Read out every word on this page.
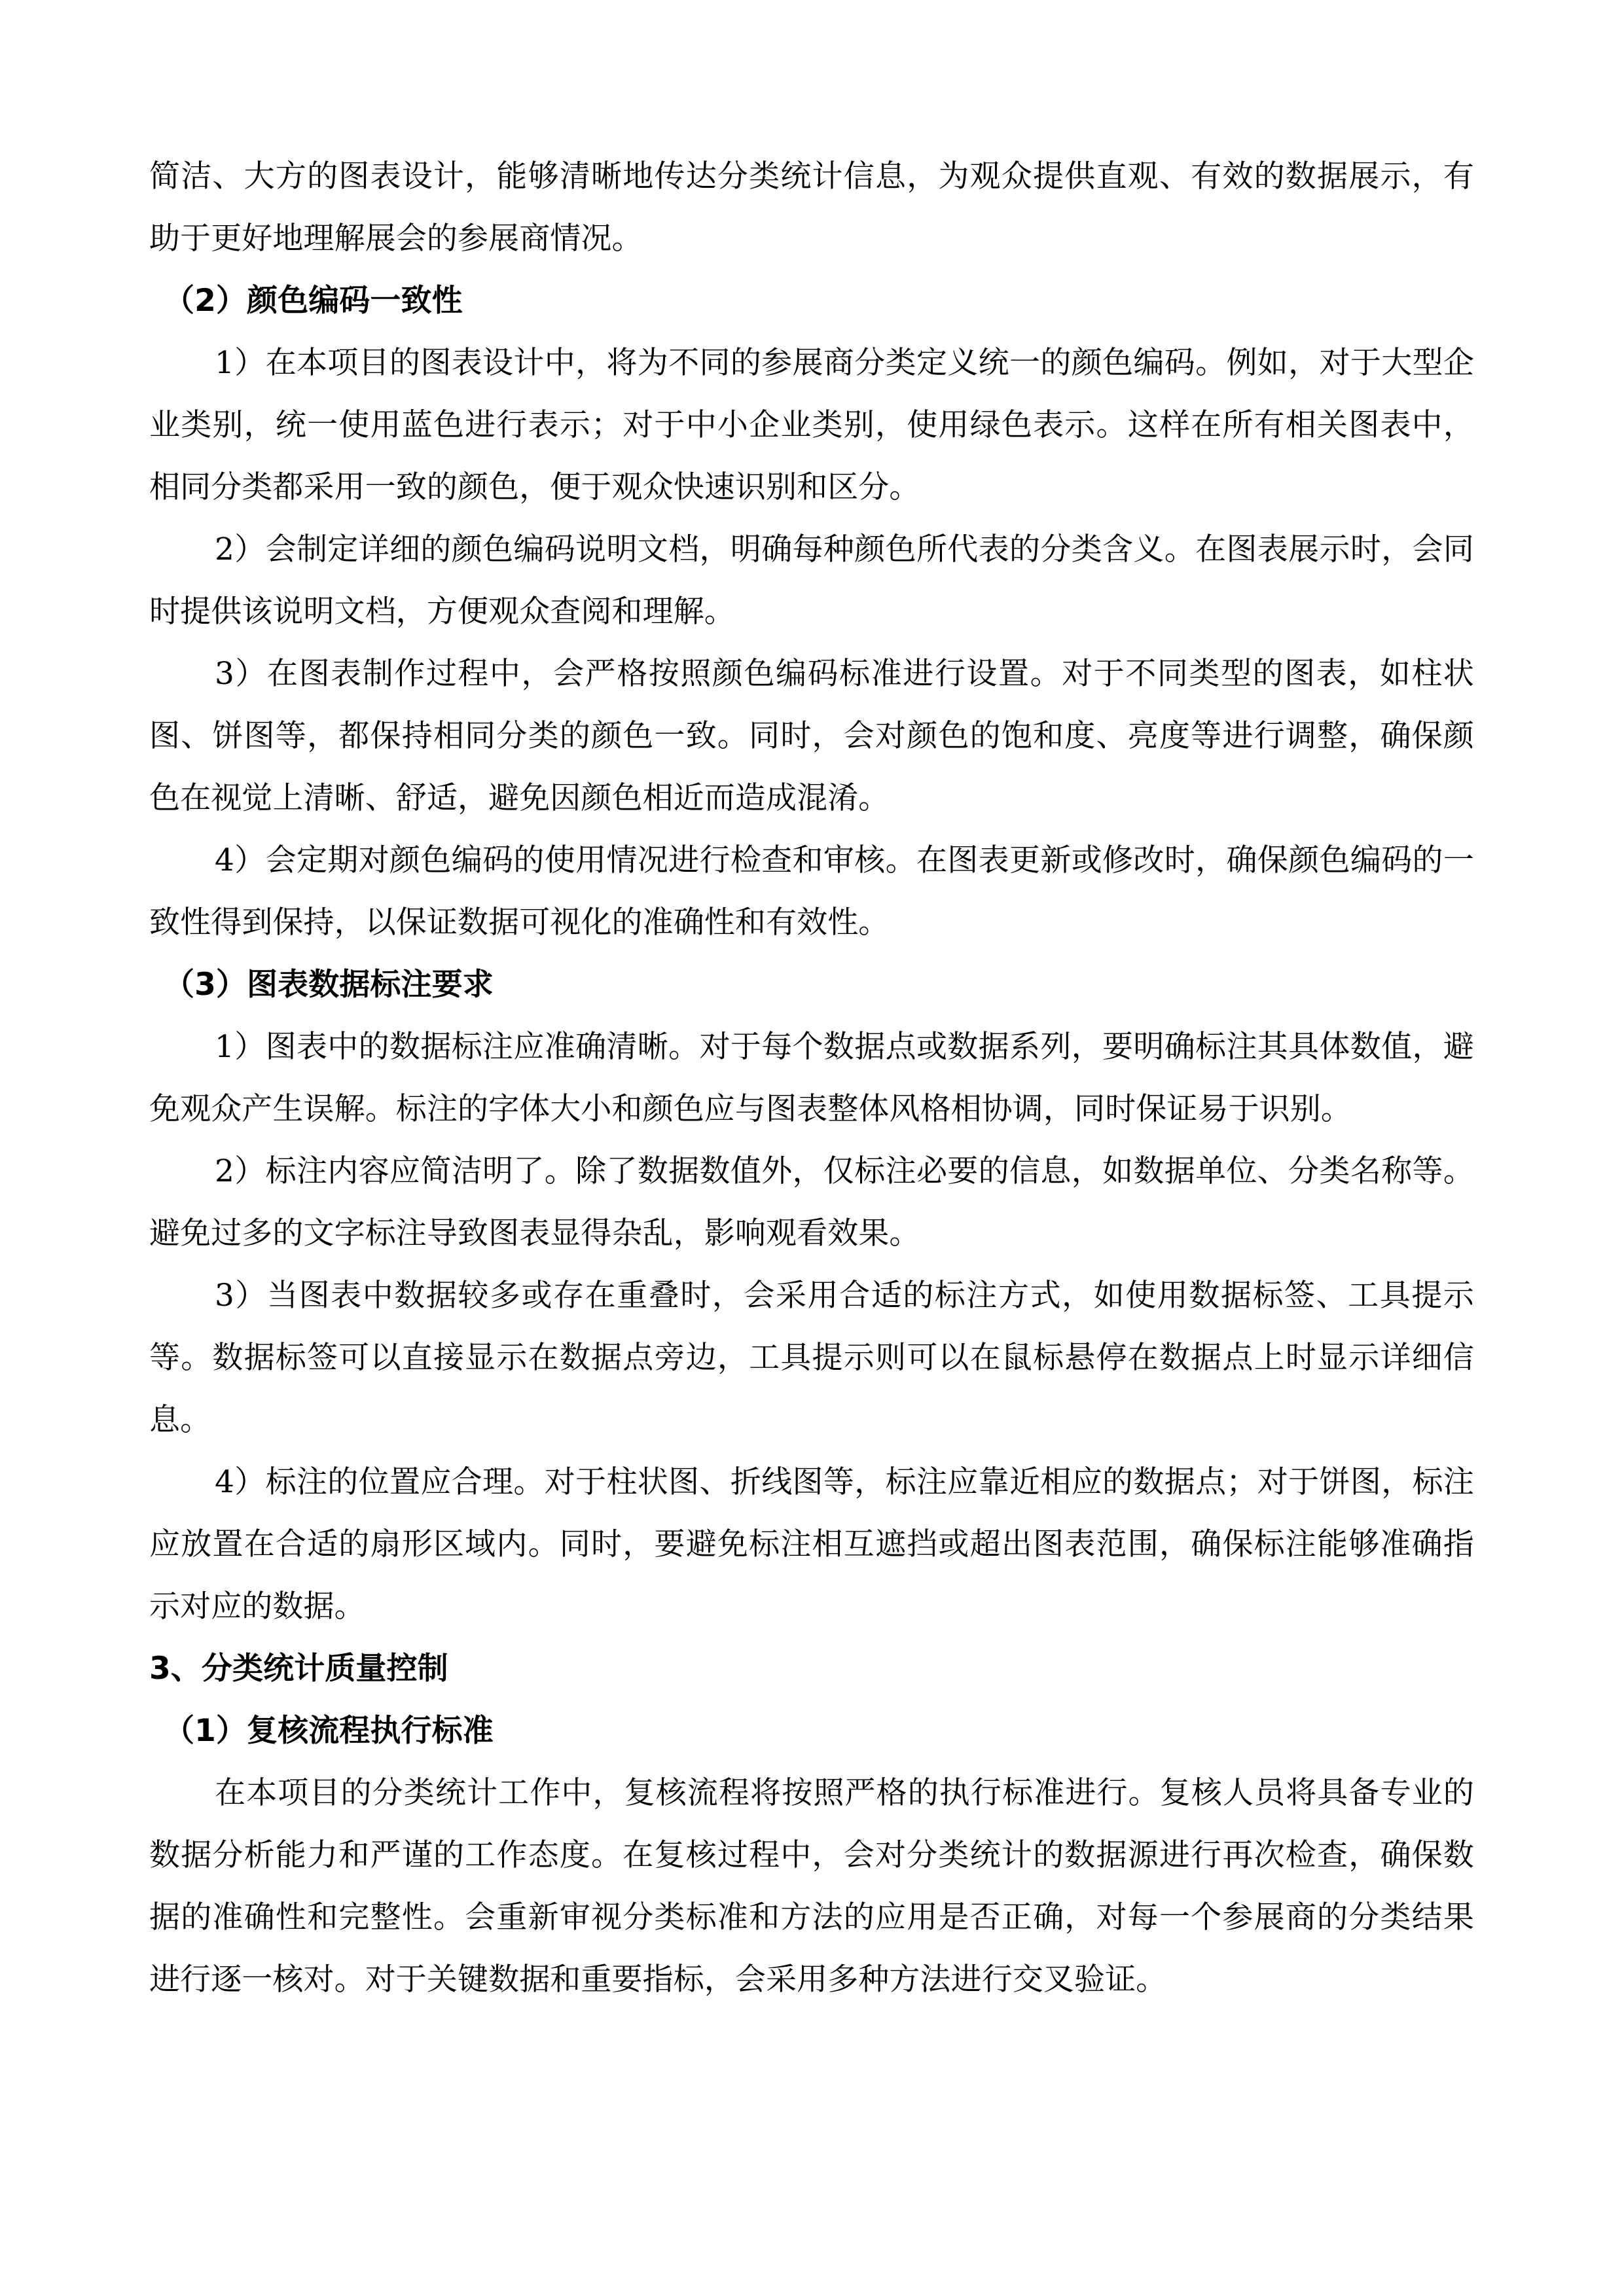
简洁、大方的图表设计，能够清晰地传达分类统计信息，为观众提供直观、有效的数据展示，有助于更好地理解展会的参展商情况。

（2）颜色编码一致性

1）在本项目的图表设计中，将为不同的参展商分类定义统一的颜色编码。例如，对于大型企业类别，统一使用蓝色进行表示；对于中小企业类别，使用绿色表示。这样在所有相关图表中，相同分类都采用一致的颜色，便于观众快速识别和区分。

2）会制定详细的颜色编码说明文档，明确每种颜色所代表的分类含义。在图表展示时，会同时提供该说明文档，方便观众查阅和理解。

3）在图表制作过程中，会严格按照颜色编码标准进行设置。对于不同类型的图表，如柱状图、饼图等，都保持相同分类的颜色一致。同时，会对颜色的饱和度、亮度等进行调整，确保颜色在视觉上清晰、舒适，避免因颜色相近而造成混淆。

4）会定期对颜色编码的使用情况进行检查和审核。在图表更新或修改时，确保颜色编码的一致性得到保持，以保证数据可视化的准确性和有效性。

（3）图表数据标注要求

1）图表中的数据标注应准确清晰。对于每个数据点或数据系列，要明确标注其具体数值，避免观众产生误解。标注的字体大小和颜色应与图表整体风格相协调，同时保证易于识别。

2）标注内容应简洁明了。除了数据数值外，仅标注必要的信息，如数据单位、分类名称等。避免过多的文字标注导致图表显得杂乱，影响观看效果。

3）当图表中数据较多或存在重叠时，会采用合适的标注方式，如使用数据标签、工具提示等。数据标签可以直接显示在数据点旁边，工具提示则可以在鼠标悬停在数据点上时显示详细信息。

4）标注的位置应合理。对于柱状图、折线图等，标注应靠近相应的数据点；对于饼图，标注应放置在合适的扇形区域内。同时，要避免标注相互遮挡或超出图表范围，确保标注能够准确指示对应的数据。

3、分类统计质量控制
（1）复核流程执行标准

在本项目的分类统计工作中，复核流程将按照严格的执行标准进行。复核人员将具备专业的数据分析能力和严谨的工作态度。在复核过程中，会对分类统计的数据源进行再次检查，确保数据的准确性和完整性。会重新审视分类标准和方法的应用是否正确，对每一个参展商的分类结果进行逐一核对。对于关键数据和重要指标，会采用多种方法进行交叉验证。
